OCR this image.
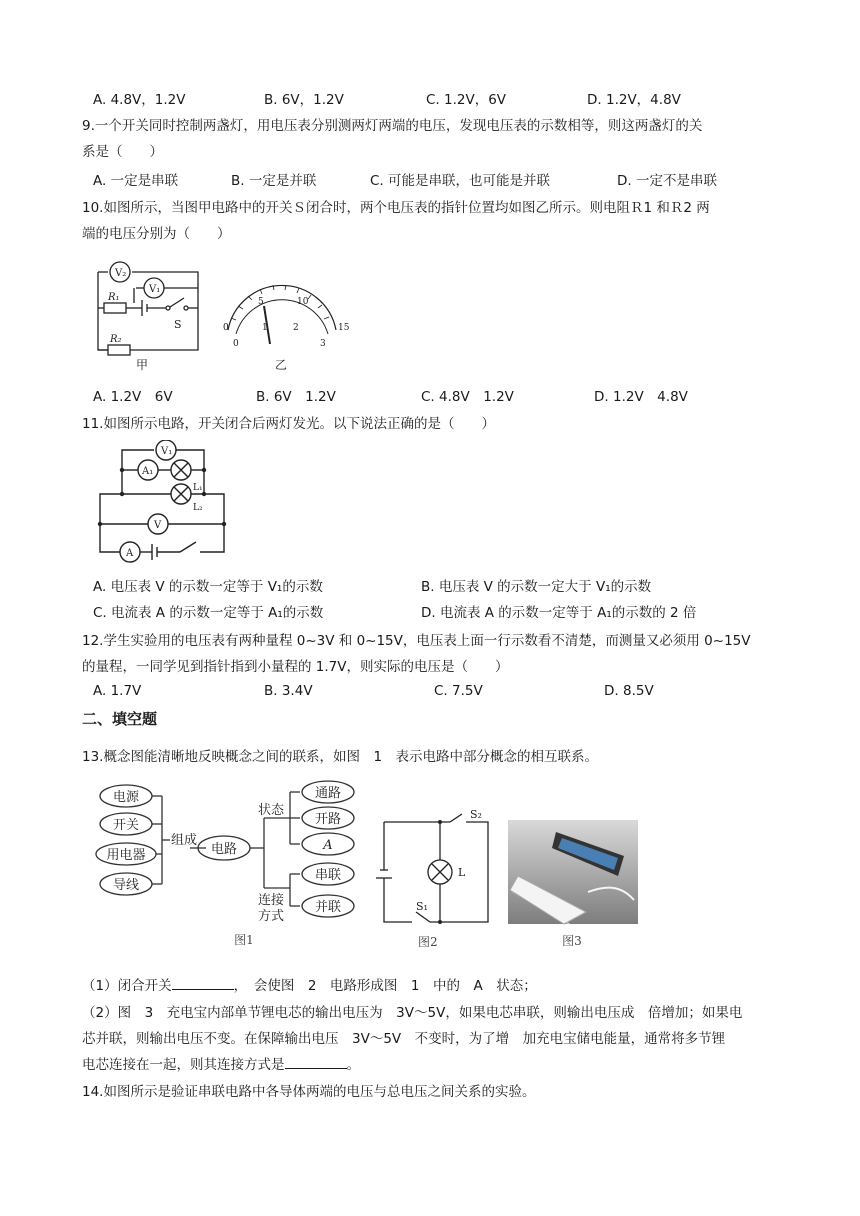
A. 4.8V，1.2V	B. 6V，1.2V	C. 1.2V，6V	D. 1.2V，4.8V
9.一个开关同时控制两盏灯，用电压表分别测两灯两端的电压，发现电压表的示数相等，则这两盏灯的关
系是（　　）
A. 一定是串联	B. 一定是并联	C. 可能是串联，也可能是并联	D. 一定不是串联
10.如图所示，当图甲电路中的开关Ｓ闭合时，两个电压表的指针位置均如图乙所示。则电阻Ｒ1 和Ｒ2 两
端的电压分别为（　　）
V₂
V₁
R₁
R₂
S
甲
5	10
15
0
0
1	2
3
乙
A. 1.2V　6V	B. 6V　1.2V	C. 4.8V　1.2V	D. 1.2V　4.8V
11.如图所示电路，开关闭合后两灯发光。以下说法正确的是（　　）
V₁
A₁
L₁
L₂
V
A
A. 电压表 V 的示数一定等于 V₁的示数	B. 电压表 V 的示数一定大于 V₁的示数
C. 电流表 A 的示数一定等于 A₁的示数	D. 电流表 A 的示数一定等于 A₁的示数的 2 倍
12.学生实验用的电压表有两种量程 0~3V 和 0~15V，电压表上面一行示数看不清楚，而测量又必须用 0~15V
的量程，一同学见到指针指到小量程的 1.7V，则实际的电压是（　　）
A. 1.7V	B. 3.4V	C. 7.5V	D. 8.5V
二、填空题
13.概念图能清晰地反映概念之间的联系，如图　1　表示电路中部分概念的相互联系。
电源
开关
用电器
导线
组成
电路
状态
通路
开路
A
连接
方式
串联
并联
图1
S₂
S₁
L
图2	图3
（1）闭合开关	，　会使图　2　电路形成图　1　中的　A　状态；
（2）图　3　充电宝内部单节锂电芯的输出电压为　3V～5V，如果电芯串联，则输出电压成　倍增加；如果电
芯并联，则输出电压不变。在保障输出电压　3V～5V　不变时，为了增　加充电宝储电能量，通常将多节锂
电芯连接在一起，则其连接方式是	。
14.如图所示是验证串联电路中各导体两端的电压与总电压之间关系的实验。
